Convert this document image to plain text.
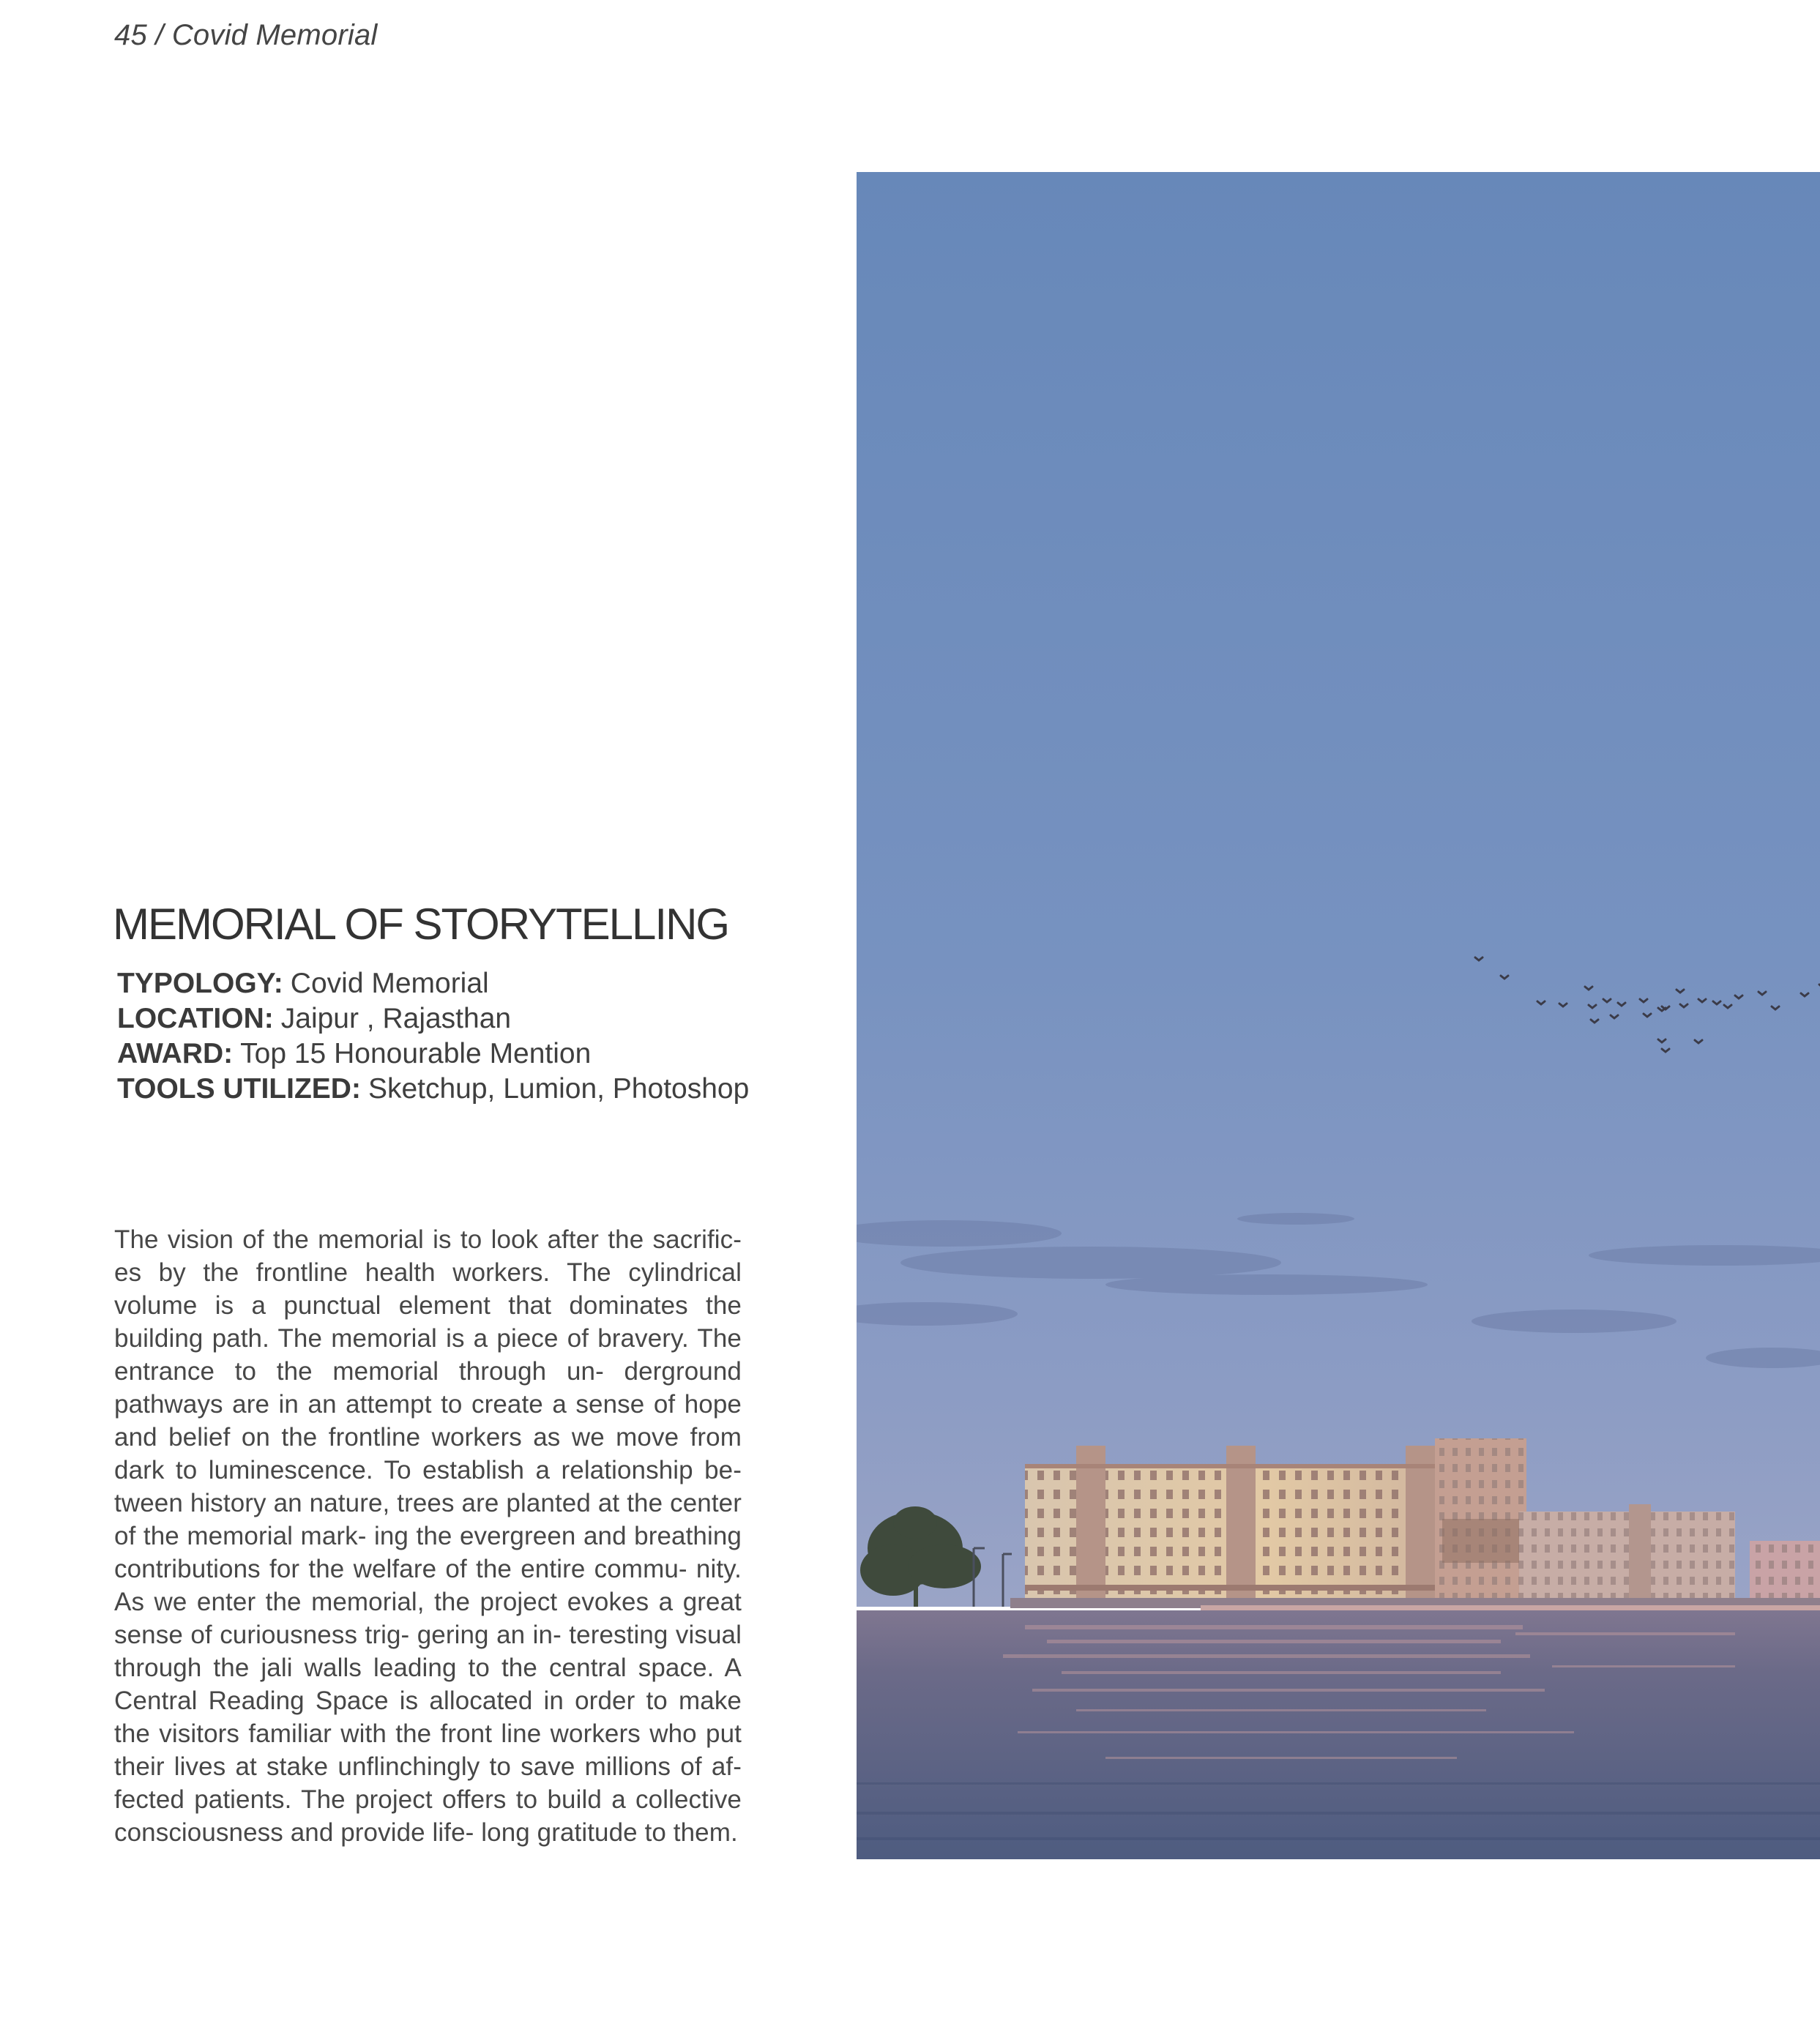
45 / Covid Memorial
MEMORIAL OF STORYTELLING
TYPOLOGY: Covid Memorial
LOCATION: Jaipur , Rajasthan
AWARD: Top 15 Honourable Mention
TOOLS UTILIZED: Sketchup, Lumion, Photoshop

The vision of the memorial is to look after the sacrific- es by the frontline health workers. The cylindrical volume is a punctual element that dominates the building path. The memorial is a piece of bravery. The entrance to the memorial through un- derground pathways are in an attempt to create a sense of hope and belief on the frontline workers as we move from dark to luminescence. To establish a relationship be- tween history an nature, trees are planted at the center of the memorial mark- ing the evergreen and breathing contributions for the welfare of the entire commu- nity. As we enter the memorial, the project evokes a great sense of curiousness trig- gering an in- teresting visual through the jali walls leading to the central space. A Central Reading Space is allocated in order to make the visitors familiar with the front line workers who put their lives at stake unflinchingly to save millions of af- fected patients. The project offers to build a collective consciousness and provide life- long gratitude to them.
